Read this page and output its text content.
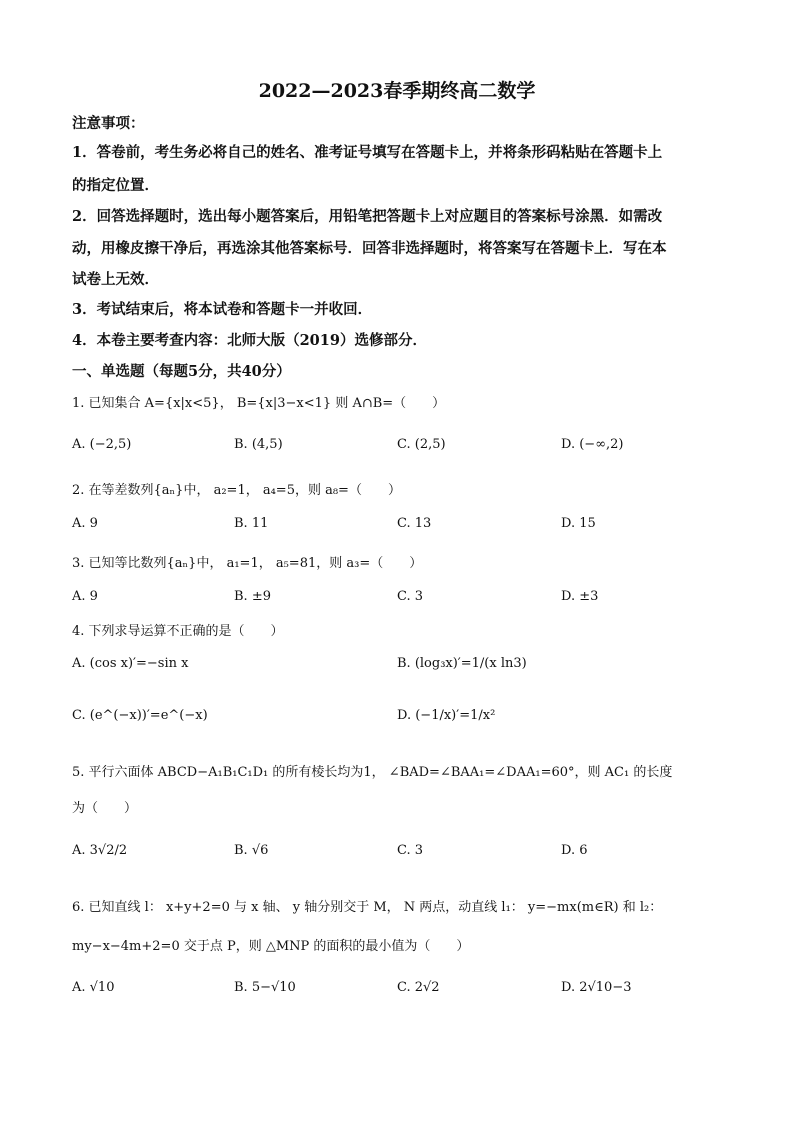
2022—2023春季期终高二数学
注意事项：
1．答卷前，考生务必将自己的姓名、准考证号填写在答题卡上，并将条形码粘贴在答题卡上
的指定位置．
2．回答选择题时，选出每小题答案后，用铅笔把答题卡上对应题目的答案标号涂黑．如需改
动，用橡皮擦干净后，再选涂其他答案标号．回答非选择题时，将答案写在答题卡上．写在本
试卷上无效．
3．考试结束后，将本试卷和答题卡一并收回．
4．本卷主要考查内容：北师大版（2019）选修部分．
一、单选题（每题5分，共40分）
1. 已知集合 A={x|x<5}， B={x|3−x<1} 则 A∩B=（　　）
A. (−2,5)	B. (4,5)	C. (2,5)	D. (−∞,2)
2. 在等差数列{aₙ}中， a₂=1， a₄=5，则 a₈=（　　）
A. 9	B. 11	C. 13	D. 15
3. 已知等比数列{aₙ}中， a₁=1， a₅=81，则 a₃=（　　）
A. 9	B. ±9	C. 3	D. ±3
4. 下列求导运算不正确的是（　　）
A. (cos x)′=−sin x	B. (log₃x)′=1/(x ln3)
C. (e^(−x))′=e^(−x)	D. (−1/x)′=1/x²
5. 平行六面体 ABCD−A₁B₁C₁D₁ 的所有棱长均为1， ∠BAD=∠BAA₁=∠DAA₁=60°，则 AC₁ 的长度
为（　　）
A. 3√2/2	B. √6	C. 3	D. 6
6. 已知直线 l： x+y+2=0 与 x 轴、 y 轴分别交于 M， N 两点，动直线 l₁： y=−mx(m∈R) 和 l₂：
my−x−4m+2=0 交于点 P，则 △MNP 的面积的最小值为（　　）
A. √10	B. 5−√10	C. 2√2	D. 2√10−3
